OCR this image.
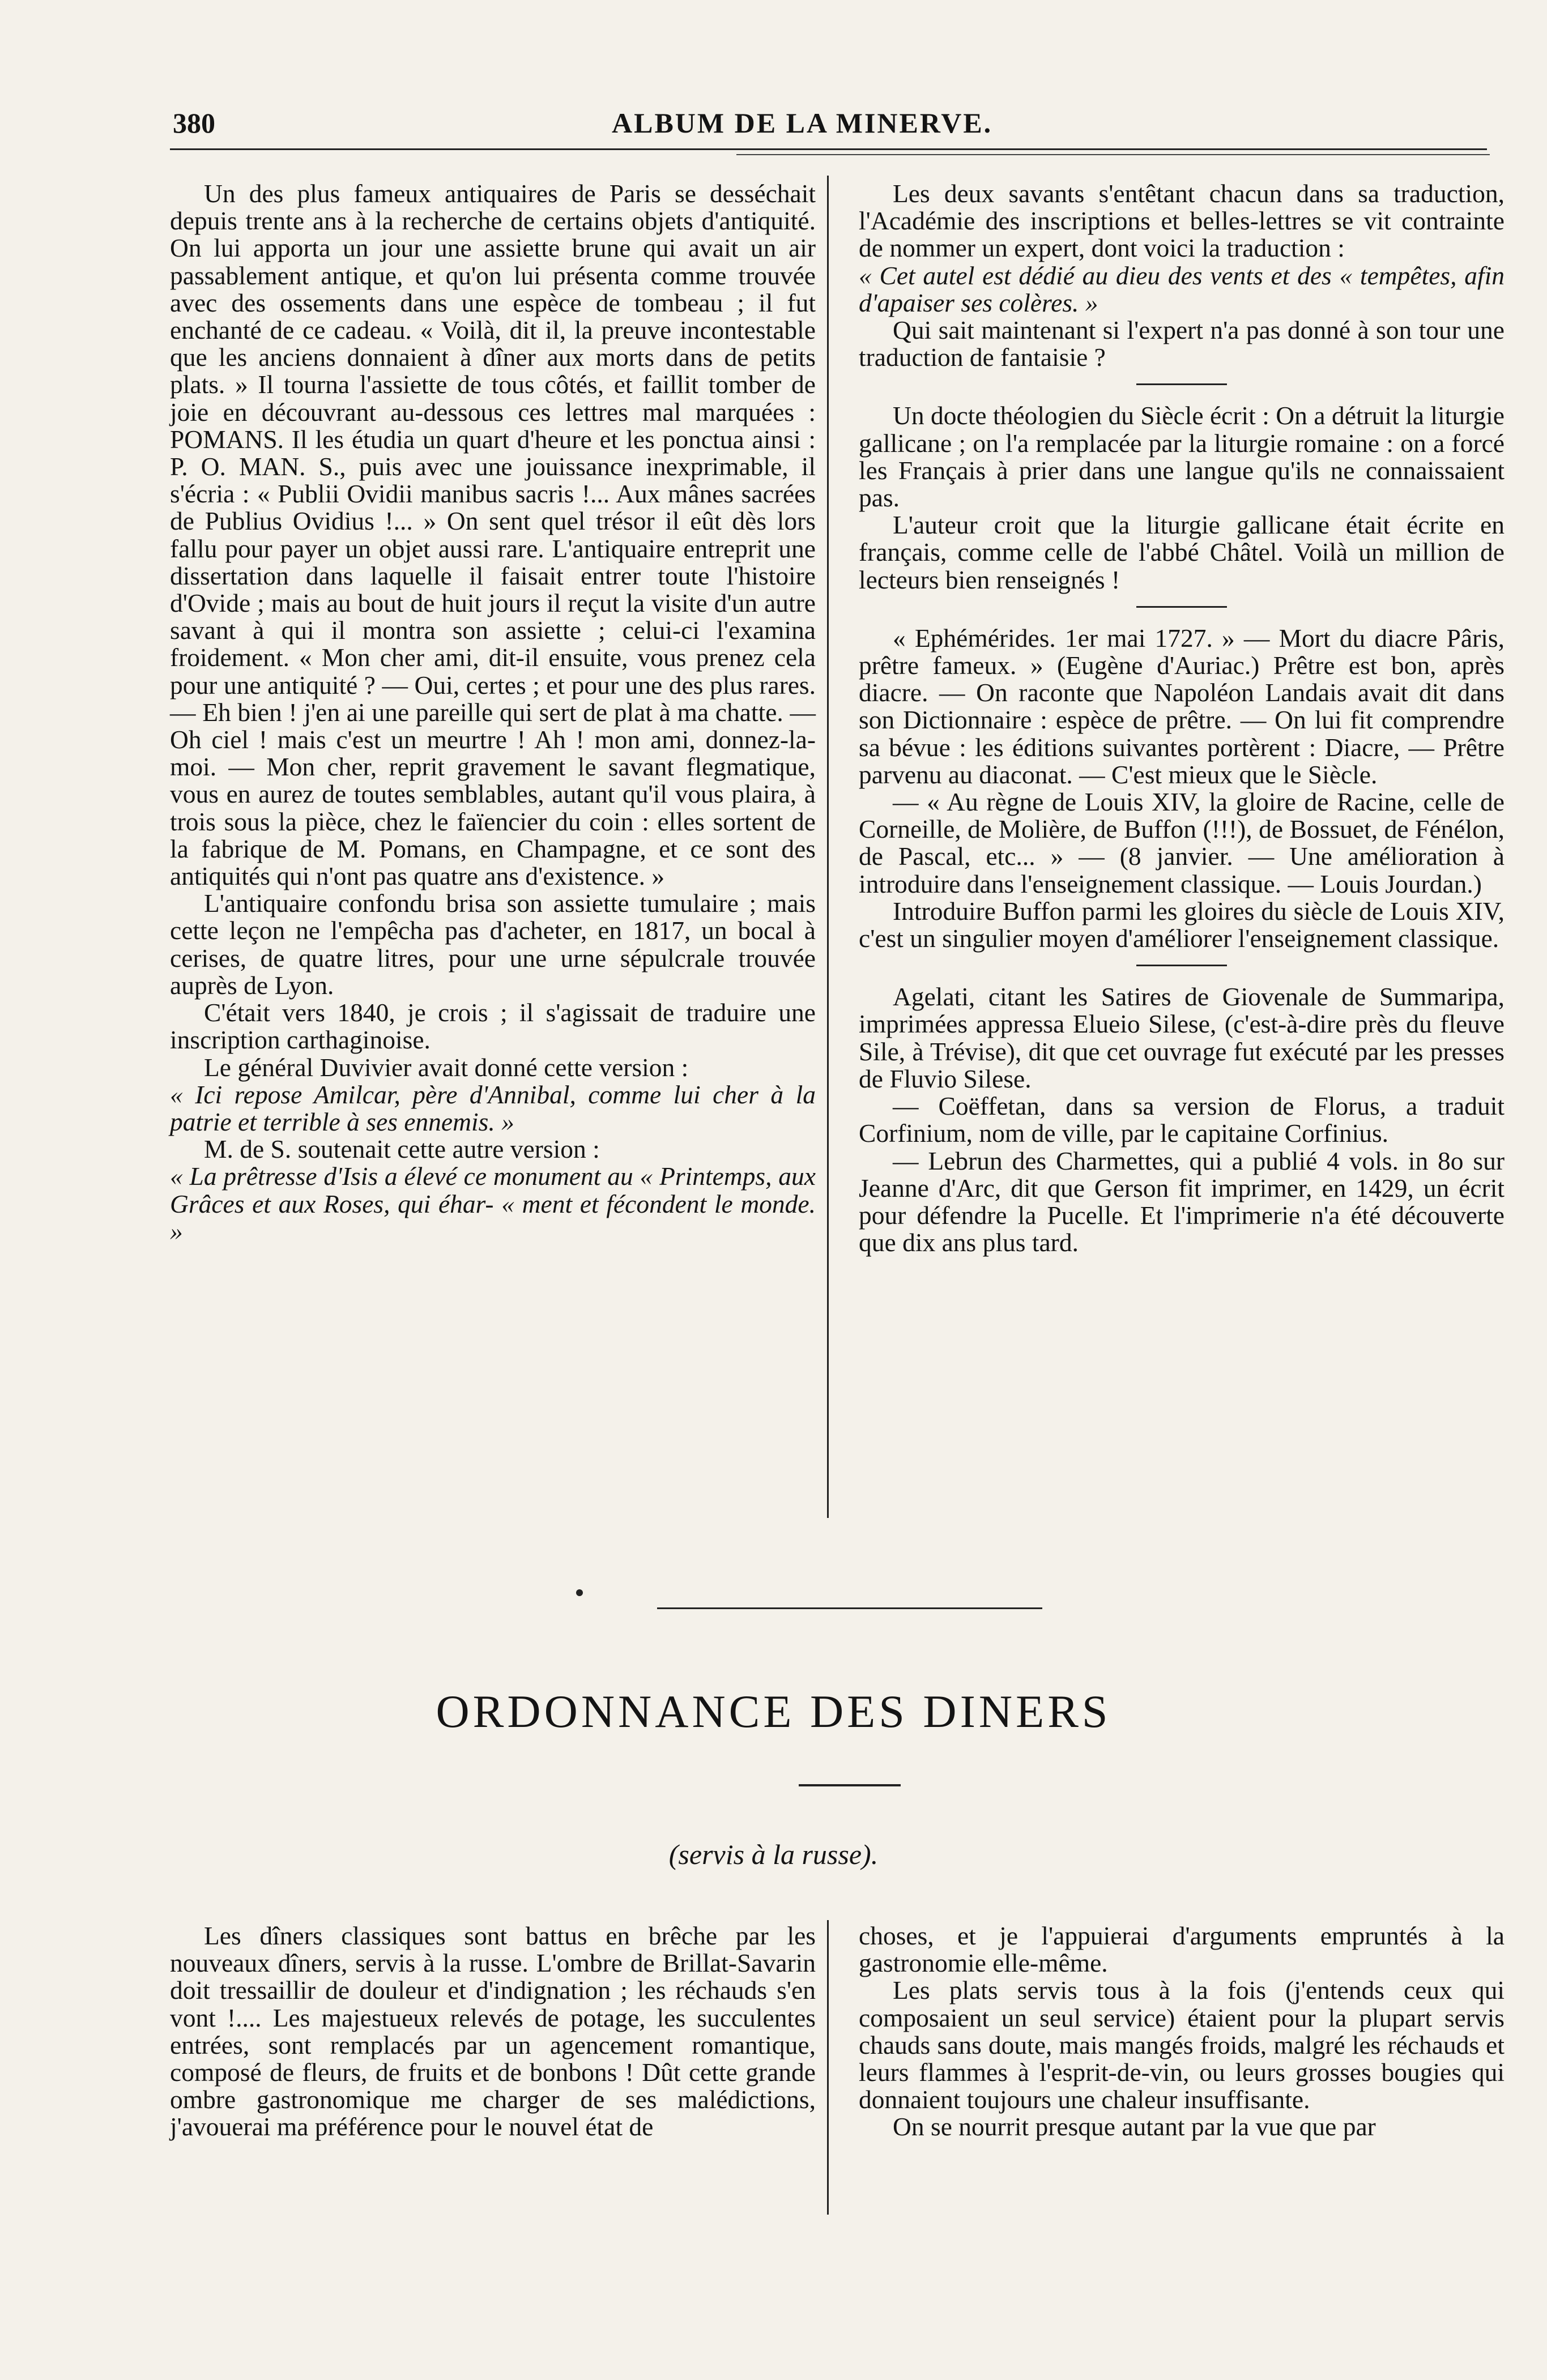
380	ALBUM DE LA MINERVE.

Un des plus fameux antiquaires de Paris se desséchait depuis trente ans à la recherche de certains objets d'antiquité. On lui apporta un jour une assiette brune qui avait un air passablement antique, et qu'on lui présenta comme trouvée avec des ossements dans une espèce de tombeau ; il fut enchanté de ce cadeau. « Voilà, dit il, la preuve incontestable que les anciens donnaient à dîner aux morts dans de petits plats. » Il tourna l'assiette de tous côtés, et faillit tomber de joie en découvrant au-dessous ces lettres mal marquées : POMANS. Il les étudia un quart d'heure et les ponctua ainsi : P. O. MAN. S., puis avec une jouissance inexprimable, il s'écria : « Publii Ovidii manibus sacris !... Aux mânes sacrées de Publius Ovidius !... » On sent quel trésor il eût dès lors fallu pour payer un objet aussi rare. L'antiquaire entreprit une dissertation dans laquelle il faisait entrer toute l'histoire d'Ovide ; mais au bout de huit jours il reçut la visite d'un autre savant à qui il montra son assiette ; celui-ci l'examina froidement. « Mon cher ami, dit-il ensuite, vous prenez cela pour une antiquité ? — Oui, certes ; et pour une des plus rares. — Eh bien ! j'en ai une pareille qui sert de plat à ma chatte. — Oh ciel ! mais c'est un meurtre ! Ah ! mon ami, donnez-la-moi. — Mon cher, reprit gravement le savant flegmatique, vous en aurez de toutes semblables, autant qu'il vous plaira, à trois sous la pièce, chez le faïencier du coin : elles sortent de la fabrique de M. Pomans, en Champagne, et ce sont des antiquités qui n'ont pas quatre ans d'existence. »

L'antiquaire confondu brisa son assiette tumulaire ; mais cette leçon ne l'empêcha pas d'acheter, en 1817, un bocal à cerises, de quatre litres, pour une urne sépulcrale trouvée auprès de Lyon.

C'était vers 1840, je crois ; il s'agissait de traduire une inscription carthaginoise.

Le général Duvivier avait donné cette version :

« Ici repose Amilcar, père d'Annibal, comme lui cher à la patrie et terrible à ses ennemis. »

M. de S. soutenait cette autre version :

« La prêtresse d'Isis a élevé ce monument au « Printemps, aux Grâces et aux Roses, qui éhar- « ment et fécondent le monde. »

Les deux savants s'entêtant chacun dans sa traduction, l'Académie des inscriptions et belles-lettres se vit contrainte de nommer un expert, dont voici la traduction :

« Cet autel est dédié au dieu des vents et des « tempêtes, afin d'apaiser ses colères. »

Qui sait maintenant si l'expert n'a pas donné à son tour une traduction de fantaisie ?

Un docte théologien du Siècle écrit : On a détruit la liturgie gallicane ; on l'a remplacée par la liturgie romaine : on a forcé les Français à prier dans une langue qu'ils ne connaissaient pas.

L'auteur croit que la liturgie gallicane était écrite en français, comme celle de l'abbé Châtel. Voilà un million de lecteurs bien renseignés !

« Ephémérides. 1er mai 1727. » — Mort du diacre Pâris, prêtre fameux. » (Eugène d'Auriac.) Prêtre est bon, après diacre. — On raconte que Napoléon Landais avait dit dans son Dictionnaire : espèce de prêtre. — On lui fit comprendre sa bévue : les éditions suivantes portèrent : Diacre, — Prêtre parvenu au diaconat. — C'est mieux que le Siècle.

— « Au règne de Louis XIV, la gloire de Racine, celle de Corneille, de Molière, de Buffon (!!!), de Bossuet, de Fénélon, de Pascal, etc... » — (8 janvier. — Une amélioration à introduire dans l'enseignement classique. — Louis Jourdan.)

Introduire Buffon parmi les gloires du siècle de Louis XIV, c'est un singulier moyen d'améliorer l'enseignement classique.

Agelati, citant les Satires de Giovenale de Summaripa, imprimées appressa Elueio Silese, (c'est-à-dire près du fleuve Sile, à Trévise), dit que cet ouvrage fut exécuté par les presses de Fluvio Silese.

— Coëffetan, dans sa version de Florus, a traduit Corfinium, nom de ville, par le capitaine Corfinius.

— Lebrun des Charmettes, qui a publié 4 vols. in 8o sur Jeanne d'Arc, dit que Gerson fit imprimer, en 1429, un écrit pour défendre la Pucelle. Et l'imprimerie n'a été découverte que dix ans plus tard.

ORDONNANCE DES DINERS
(servis à la russe).

Les dîners classiques sont battus en brêche par les nouveaux dîners, servis à la russe. L'ombre de Brillat-Savarin doit tressaillir de douleur et d'indignation ; les réchauds s'en vont !.... Les majestueux relevés de potage, les succulentes entrées, sont remplacés par un agencement romantique, composé de fleurs, de fruits et de bonbons ! Dût cette grande ombre gastronomique me charger de ses malédictions, j'avouerai ma préférence pour le nouvel état de

choses, et je l'appuierai d'arguments empruntés à la gastronomie elle-même.

Les plats servis tous à la fois (j'entends ceux qui composaient un seul service) étaient pour la plupart servis chauds sans doute, mais mangés froids, malgré les réchauds et leurs flammes à l'esprit-de-vin, ou leurs grosses bougies qui donnaient toujours une chaleur insuffisante.

On se nourrit presque autant par la vue que par
